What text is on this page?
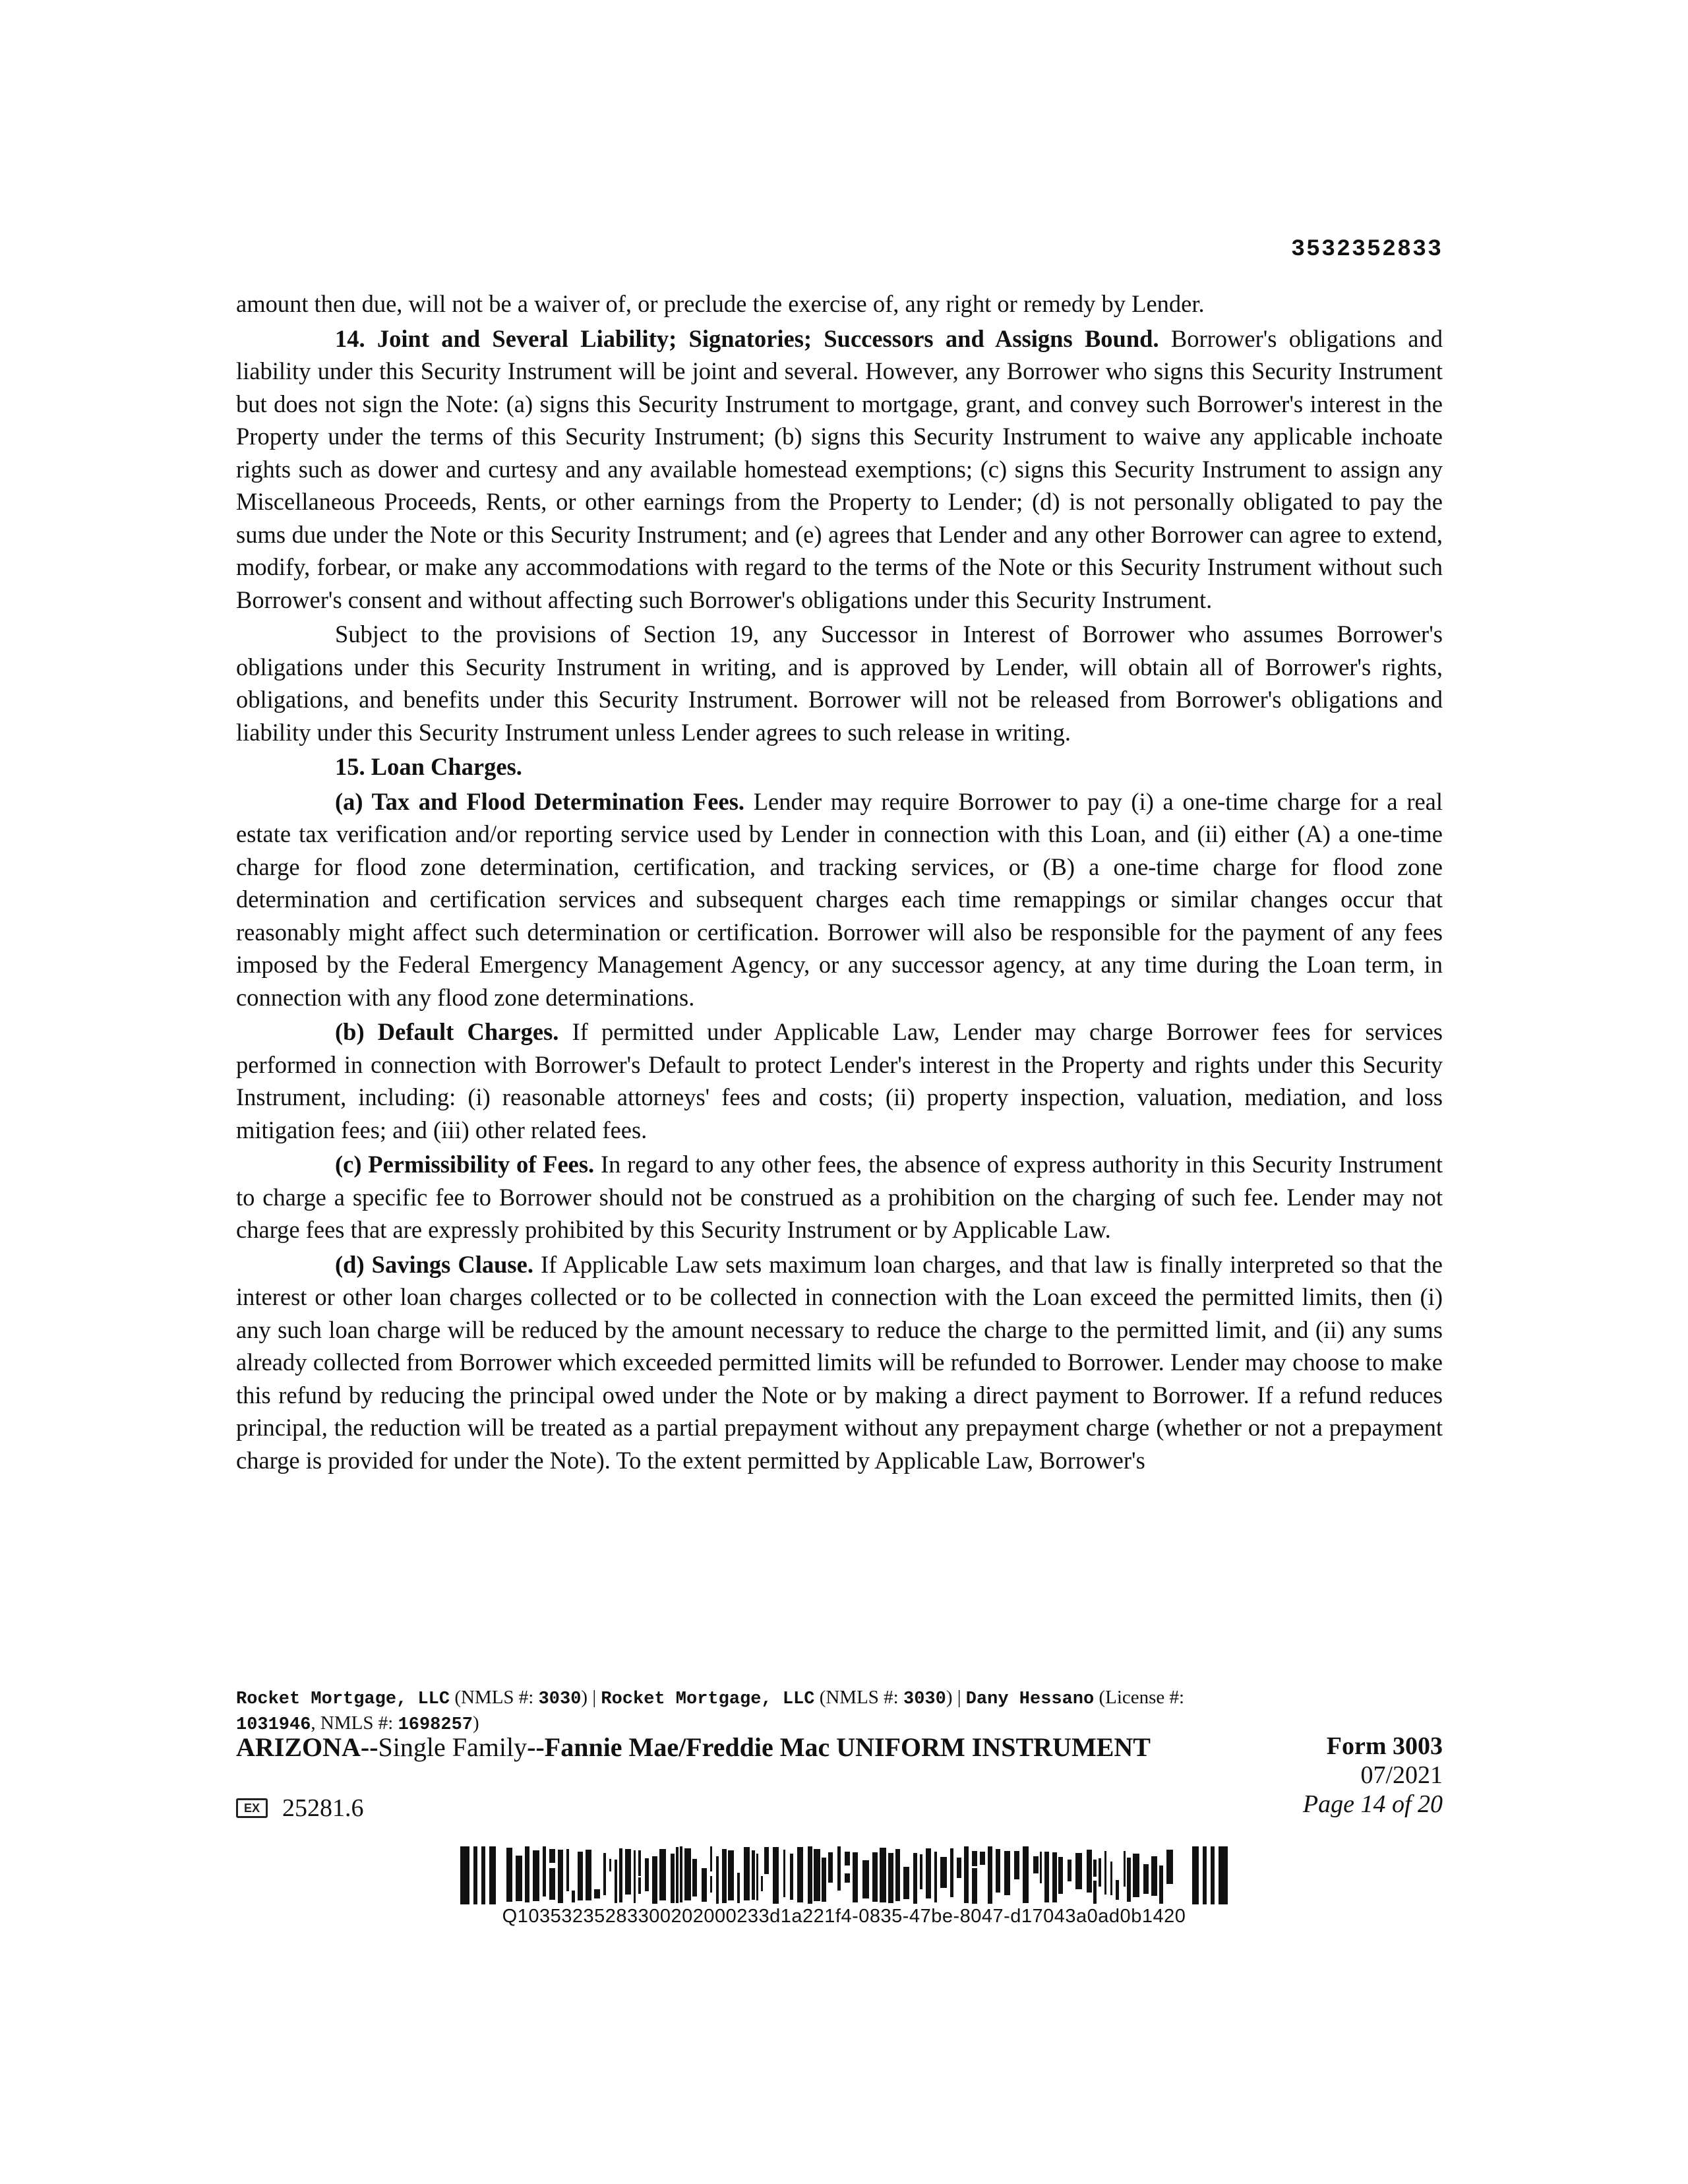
3532352833

amount then due, will not be a waiver of, or preclude the exercise of, any right or remedy by Lender.

14. Joint and Several Liability; Signatories; Successors and Assigns Bound. Borrower's obligations and liability under this Security Instrument will be joint and several. However, any Borrower who signs this Security Instrument but does not sign the Note: (a) signs this Security Instrument to mortgage, grant, and convey such Borrower's interest in the Property under the terms of this Security Instrument; (b) signs this Security Instrument to waive any applicable inchoate rights such as dower and curtesy and any available homestead exemptions; (c) signs this Security Instrument to assign any Miscellaneous Proceeds, Rents, or other earnings from the Property to Lender; (d) is not personally obligated to pay the sums due under the Note or this Security Instrument; and (e) agrees that Lender and any other Borrower can agree to extend, modify, forbear, or make any accommodations with regard to the terms of the Note or this Security Instrument without such Borrower's consent and without affecting such Borrower's obligations under this Security Instrument.

Subject to the provisions of Section 19, any Successor in Interest of Borrower who assumes Borrower's obligations under this Security Instrument in writing, and is approved by Lender, will obtain all of Borrower's rights, obligations, and benefits under this Security Instrument. Borrower will not be released from Borrower's obligations and liability under this Security Instrument unless Lender agrees to such release in writing.

15. Loan Charges.

(a) Tax and Flood Determination Fees. Lender may require Borrower to pay (i) a one-time charge for a real estate tax verification and/or reporting service used by Lender in connection with this Loan, and (ii) either (A) a one-time charge for flood zone determination, certification, and tracking services, or (B) a one-time charge for flood zone determination and certification services and subsequent charges each time remappings or similar changes occur that reasonably might affect such determination or certification. Borrower will also be responsible for the payment of any fees imposed by the Federal Emergency Management Agency, or any successor agency, at any time during the Loan term, in connection with any flood zone determinations.

(b) Default Charges. If permitted under Applicable Law, Lender may charge Borrower fees for services performed in connection with Borrower's Default to protect Lender's interest in the Property and rights under this Security Instrument, including: (i) reasonable attorneys' fees and costs; (ii) property inspection, valuation, mediation, and loss mitigation fees; and (iii) other related fees.

(c) Permissibility of Fees. In regard to any other fees, the absence of express authority in this Security Instrument to charge a specific fee to Borrower should not be construed as a prohibition on the charging of such fee. Lender may not charge fees that are expressly prohibited by this Security Instrument or by Applicable Law.

(d) Savings Clause. If Applicable Law sets maximum loan charges, and that law is finally interpreted so that the interest or other loan charges collected or to be collected in connection with the Loan exceed the permitted limits, then (i) any such loan charge will be reduced by the amount necessary to reduce the charge to the permitted limit, and (ii) any sums already collected from Borrower which exceeded permitted limits will be refunded to Borrower. Lender may choose to make this refund by reducing the principal owed under the Note or by making a direct payment to Borrower. If a refund reduces principal, the reduction will be treated as a partial prepayment without any prepayment charge (whether or not a prepayment charge is provided for under the Note). To the extent permitted by Applicable Law, Borrower's

Rocket Mortgage, LLC (NMLS #: 3030) | Rocket Mortgage, LLC (NMLS #: 3030) | Dany Hessano (License #:
1031946, NMLS #: 1698257)
ARIZONA--Single Family--Fannie Mae/Freddie Mac UNIFORM INSTRUMENT	Form 3003
07/2021
Page 14 of 20
EX 25281.6
Q10353235283300202000233d1a221f4-0835-47be-8047-d17043a0ad0b1420
